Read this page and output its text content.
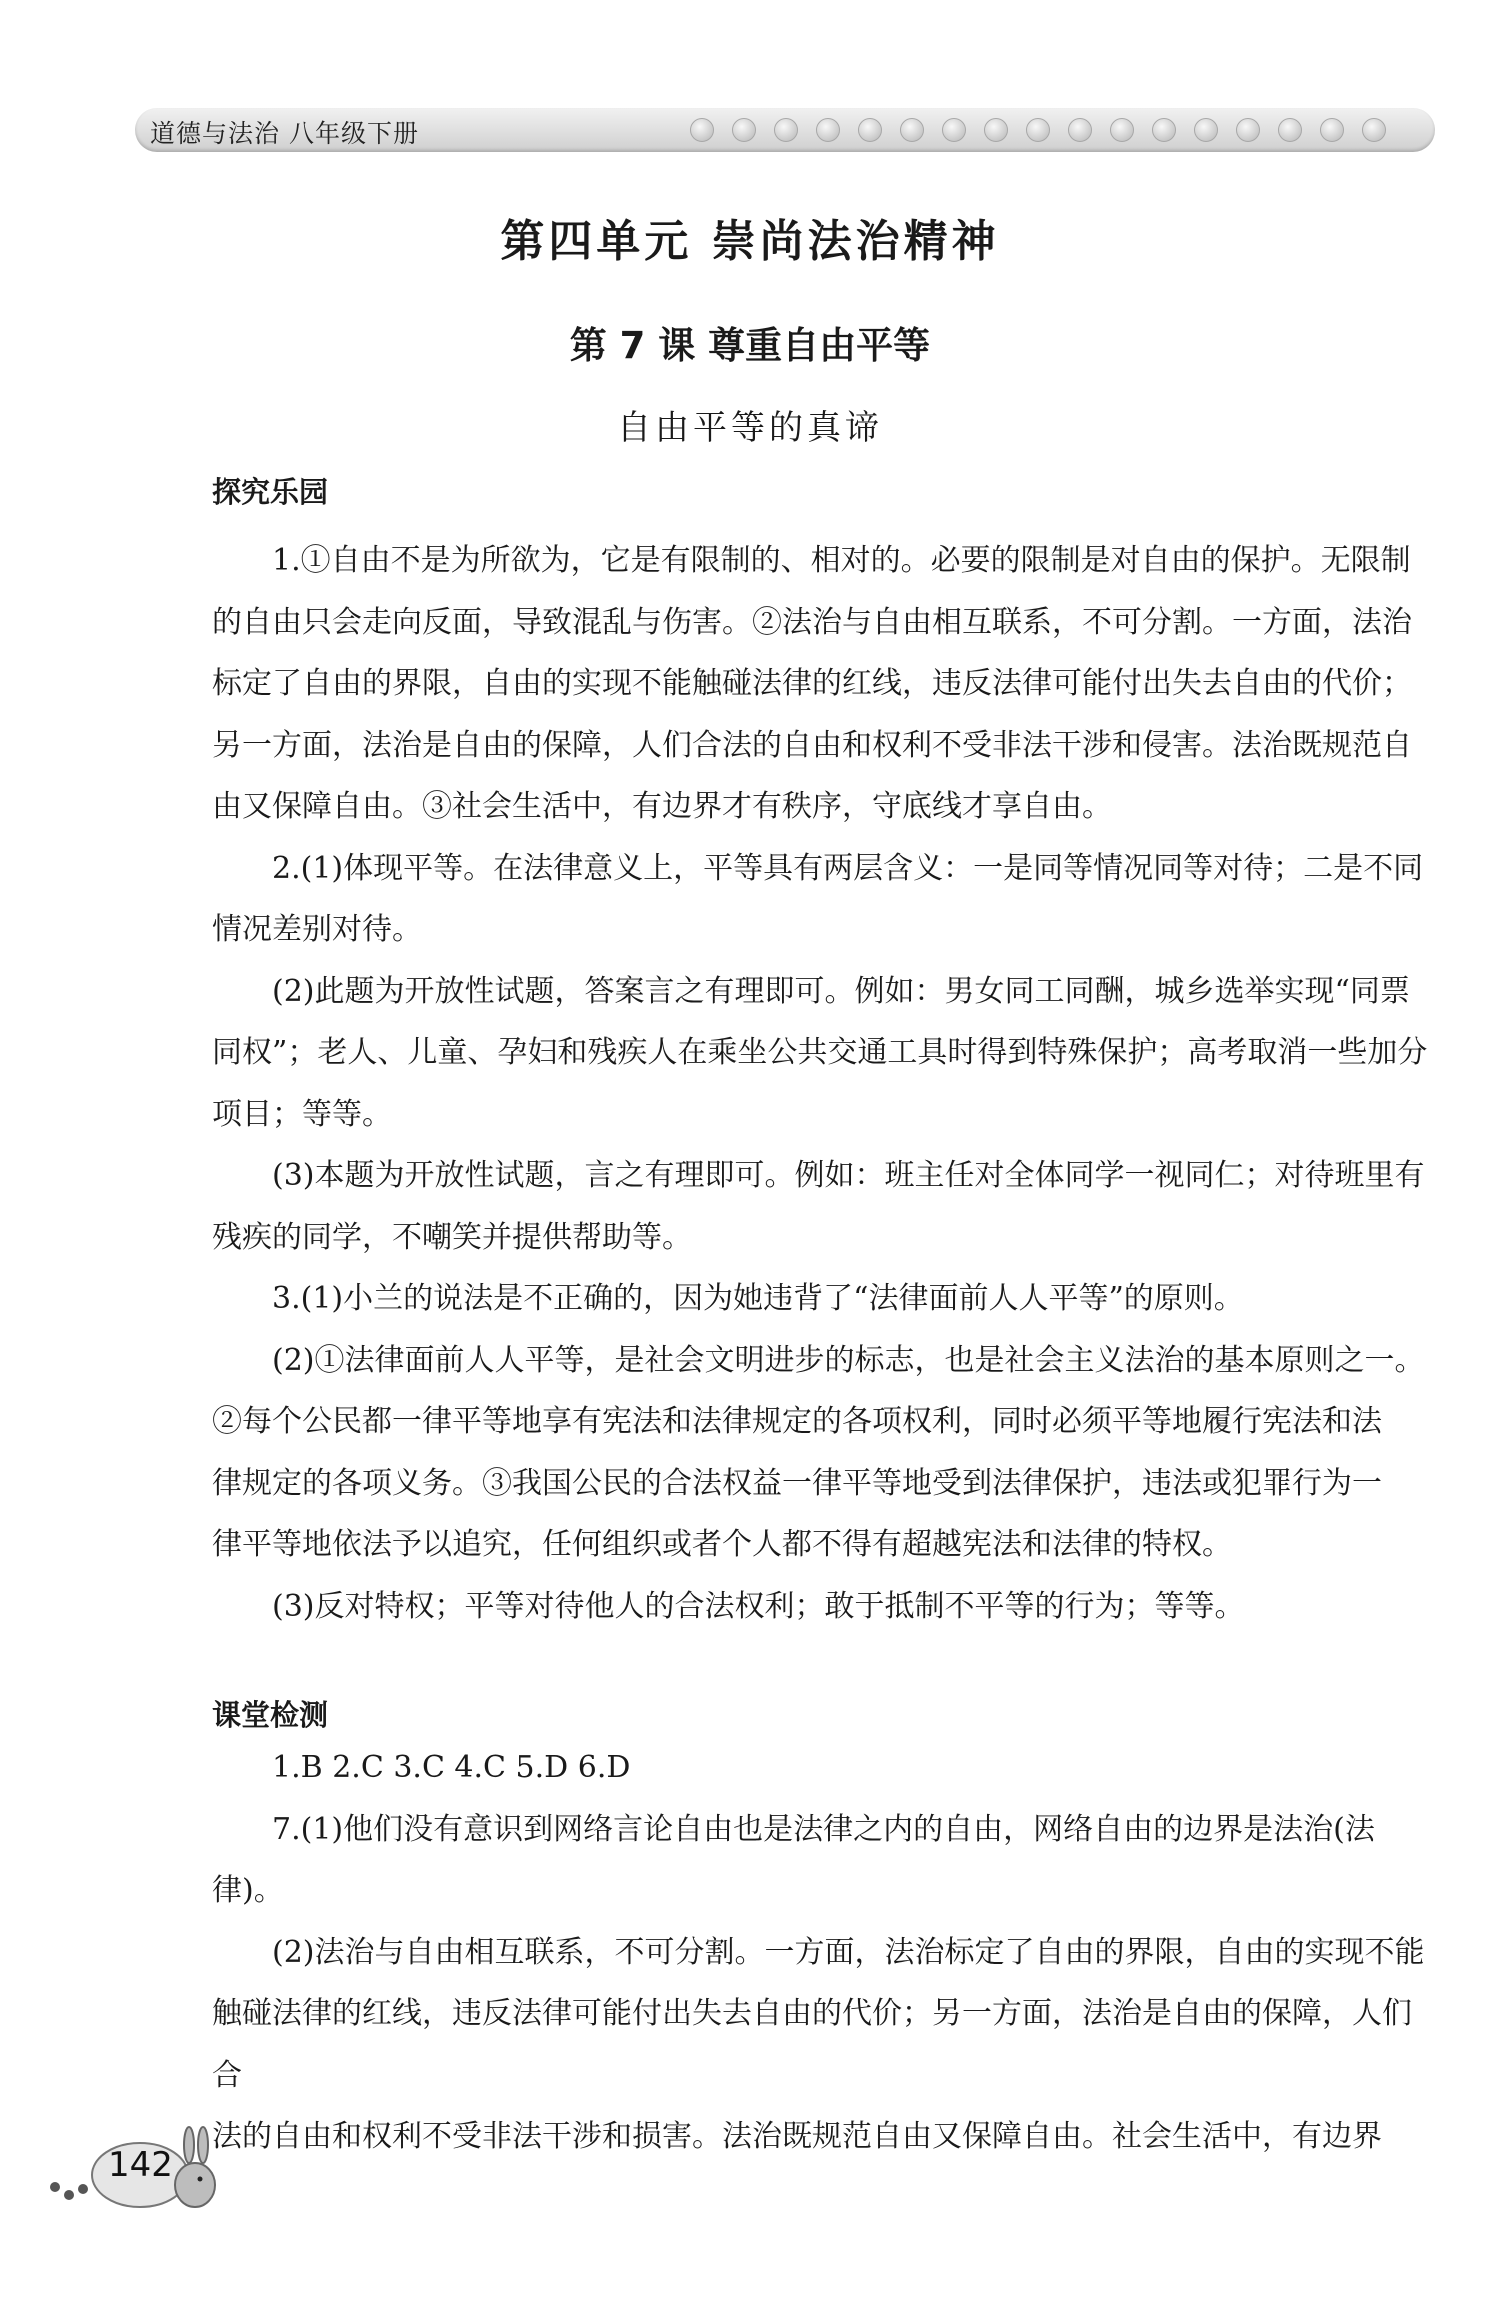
道德与法治 八年级下册
第四单元 崇尚法治精神
第 7 课 尊重自由平等
自由平等的真谛
探究乐园
1.①自由不是为所欲为，它是有限制的、相对的。必要的限制是对自由的保护。无限制
的自由只会走向反面，导致混乱与伤害。②法治与自由相互联系，不可分割。一方面，法治
标定了自由的界限，自由的实现不能触碰法律的红线，违反法律可能付出失去自由的代价；
另一方面，法治是自由的保障，人们合法的自由和权利不受非法干涉和侵害。法治既规范自
由又保障自由。③社会生活中，有边界才有秩序，守底线才享自由。
2.(1)体现平等。在法律意义上，平等具有两层含义：一是同等情况同等对待；二是不同
情况差别对待。
(2)此题为开放性试题，答案言之有理即可。例如：男女同工同酬，城乡选举实现“同票
同权”；老人、儿童、孕妇和残疾人在乘坐公共交通工具时得到特殊保护；高考取消一些加分
项目；等等。
(3)本题为开放性试题，言之有理即可。例如：班主任对全体同学一视同仁；对待班里有
残疾的同学，不嘲笑并提供帮助等。
3.(1)小兰的说法是不正确的，因为她违背了“法律面前人人平等”的原则。
(2)①法律面前人人平等，是社会文明进步的标志，也是社会主义法治的基本原则之一。
②每个公民都一律平等地享有宪法和法律规定的各项权利，同时必须平等地履行宪法和法
律规定的各项义务。③我国公民的合法权益一律平等地受到法律保护，违法或犯罪行为一
律平等地依法予以追究，任何组织或者个人都不得有超越宪法和法律的特权。
(3)反对特权；平等对待他人的合法权利；敢于抵制不平等的行为；等等。
课堂检测
1.B 2.C 3.C 4.C 5.D 6.D
7.(1)他们没有意识到网络言论自由也是法律之内的自由，网络自由的边界是法治(法
律)。
(2)法治与自由相互联系，不可分割。一方面，法治标定了自由的界限，自由的实现不能
触碰法律的红线，违反法律可能付出失去自由的代价；另一方面，法治是自由的保障，人们合
法的自由和权利不受非法干涉和损害。法治既规范自由又保障自由。社会生活中，有边界
142
